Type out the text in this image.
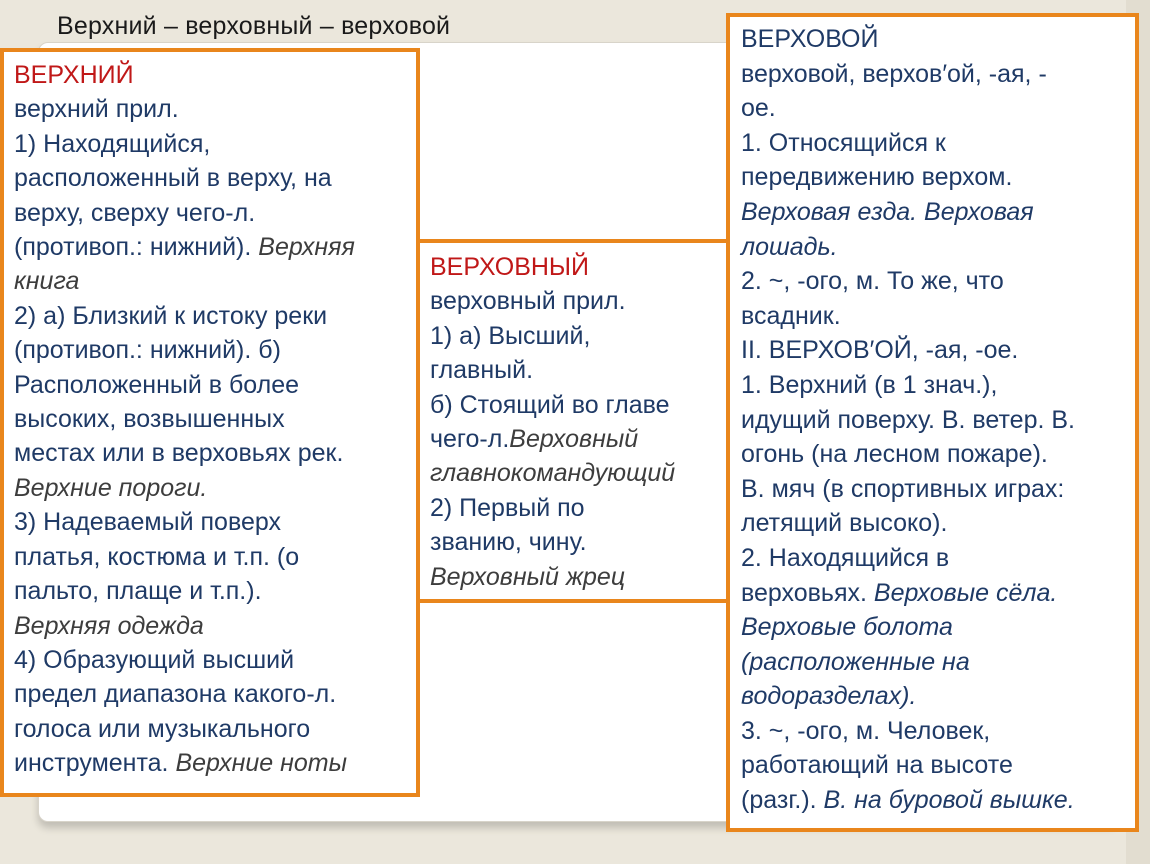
Верхний – верховный – верховой
ВЕРХНИЙ
верхний прил.
1) Находящийся,
расположенный в верху, на
верху, сверху чего-л.
(противоп.: нижний). Верхняя
книга
2) а) Близкий к истоку реки
(противоп.: нижний). б)
Расположенный в более
высоких, возвышенных
местах или в верховьях рек.
Верхние пороги.
3) Надеваемый поверх
платья, костюма и т.п. (о
пальто, плаще и т.п.).
Верхняя одежда
4) Образующий высший
предел диапазона какого-л.
голоса или музыкального
инструмента. Верхние ноты
ВЕРХОВНЫЙ
верховный прил.
1) а) Высший,
главный.
б) Стоящий во главе
чего-л.Верховный
главнокомандующий
2) Первый по
званию, чину.
Верховный жрец
ВЕРХОВОЙ
верховой, верхов′ой, -ая, -
ое.
1. Относящийся к
передвижению верхом.
Верховая езда. Верховая
лошадь.
2. ~, -ого, м. То же, что
всадник.
II. ВЕРХОВ′ОЙ, -ая, -ое.
1. Верхний (в 1 знач.),
идущий поверху. В. ветер. В.
огонь (на лесном пожаре).
В. мяч (в спортивных играх:
летящий высоко).
2. Находящийся в
верховьях. Верховые сёла.
Верховые болота
(расположенные на
водоразделах).
3. ~, -ого, м. Человек,
работающий на высоте
(разг.). В. на буровой вышке.
